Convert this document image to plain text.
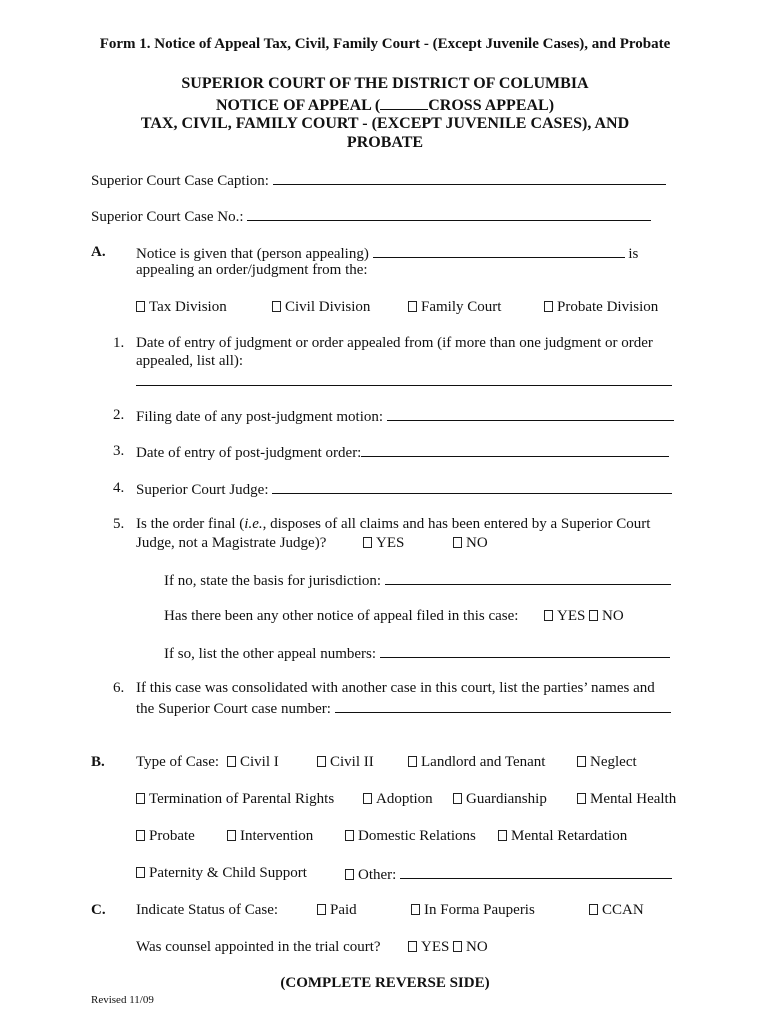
Form 1. Notice of Appeal Tax, Civil, Family Court - (Except Juvenile Cases), and Probate
SUPERIOR COURT OF THE DISTRICT OF COLUMBIA
NOTICE OF APPEAL (	CROSS APPEAL)
TAX, CIVIL, FAMILY COURT - (EXCEPT JUVENILE CASES), AND
PROBATE
Superior Court Case Caption:
Superior Court Case No.:
A. Notice is given that (person appealing)	is
appealing an order/judgment from the:
Tax Division	Civil Division	Family Court	Probate Division
1. Date of entry of judgment or order appealed from (if more than one judgment or order
appealed, list all):
2. Filing date of any post-judgment motion:
3. Date of entry of post-judgment order:
4. Superior Court Judge:
5. Is the order final (i.e., disposes of all claims and has been entered by a Superior Court
Judge, not a Magistrate Judge)?	YES	NO
If no, state the basis for jurisdiction:
Has there been any other notice of appeal filed in this case:	YES	NO
If so, list the other appeal numbers:
6. If this case was consolidated with another case in this court, list the parties’ names and
the Superior Court case number:
B. Type of Case:	Civil I	Civil II	Landlord and Tenant	Neglect
Termination of Parental Rights	Adoption	Guardianship	Mental Health
Probate	Intervention	Domestic Relations	Mental Retardation
Paternity & Child Support	Other:
C. Indicate Status of Case:	Paid	In Forma Pauperis	CCAN
Was counsel appointed in the trial court?	YES	NO
(COMPLETE REVERSE SIDE)
Revised 11/09
